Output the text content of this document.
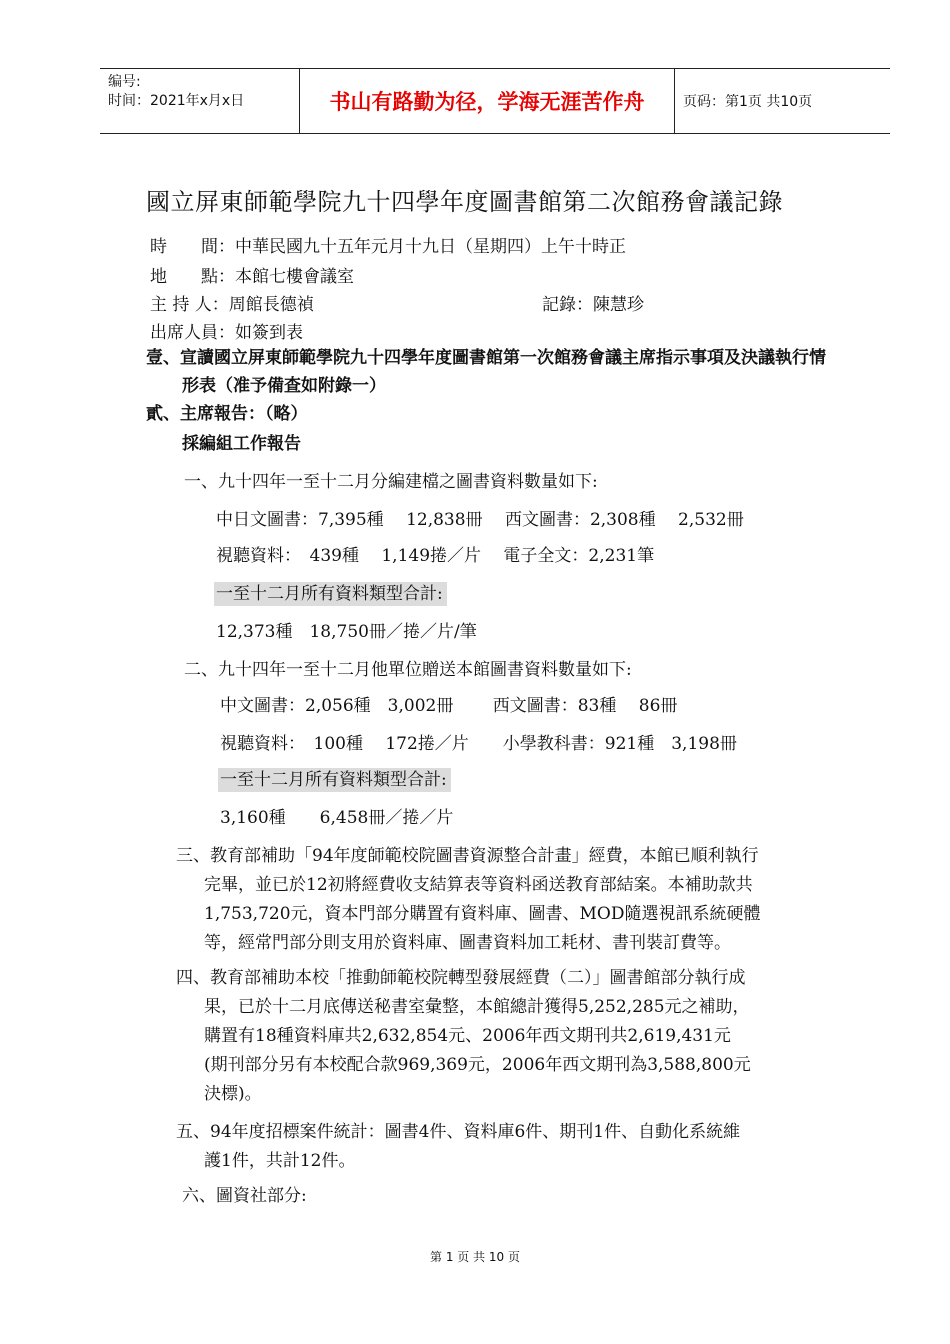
编号:
时间：2021年x月x日	书山有路勤为径，学海无涯苦作舟	页码：第1页 共10页
國立屏東師範學院九十四學年度圖書館第二次館務會議記錄
時　　間：中華民國九十五年元月十九日（星期四）上午十時正
地　　點：本館七樓會議室
主 持 人：周館長德禎	記錄：陳慧珍
出席人員：如簽到表
壹、宣讀國立屏東師範學院九十四學年度圖書館第一次館務會議主席指示事項及決議執行情
形表（准予備查如附錄一）
貳、主席報告：（略）
採編組工作報告
一、九十四年一至十二月分編建檔之圖書資料數量如下:
中日文圖書：7,395種　 12,838冊　 西文圖書：2,308種　 2,532冊
視聽資料：　439種　 1,149捲／片　 電子全文：2,231筆
一至十二月所有資料類型合計:
12,373種　18,750冊／捲／片/筆
二、九十四年一至十二月他單位贈送本館圖書資料數量如下:
中文圖書：2,056種　3,002冊　　 西文圖書：83種　 86冊
視聽資料：　100種　 172捲／片　　小學教科書：921種　3,198冊
一至十二月所有資料類型合計:
3,160種　　6,458冊／捲／片
三、教育部補助「94年度師範校院圖書資源整合計畫」經費，本館已順利執行
完畢，並已於12初將經費收支結算表等資料函送教育部結案。本補助款共
1,753,720元，資本門部分購置有資料庫、圖書、MOD隨選視訊系統硬體
等，經常門部分則支用於資料庫、圖書資料加工耗材、書刊裝訂費等。
四、教育部補助本校「推動師範校院轉型發展經費（二）」圖書館部分執行成
果，已於十二月底傳送秘書室彙整，本館總計獲得5,252,285元之補助，
購置有18種資料庫共2,632,854元、2006年西文期刊共2,619,431元
(期刊部分另有本校配合款969,369元，2006年西文期刊為3,588,800元
決標)。
五、94年度招標案件統計：圖書4件、資料庫6件、期刊1件、自動化系統維
護1件，共計12件。
六、圖資社部分:
第 1 页 共 10 页
